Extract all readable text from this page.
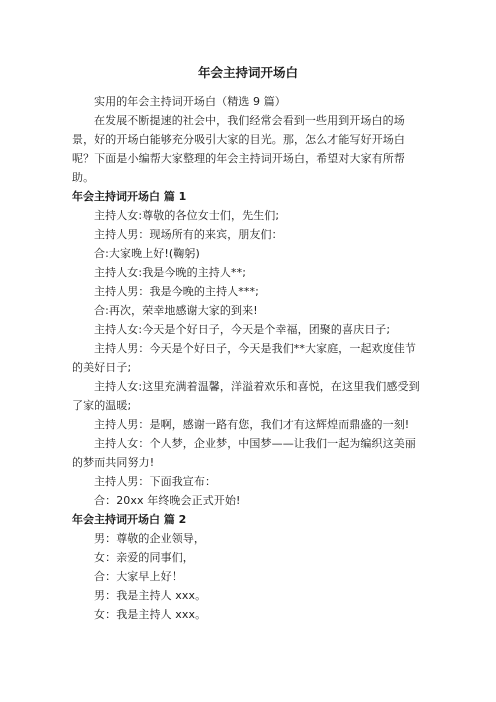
年会主持词开场白

实用的年会主持词开场白（精选 9 篇）

在发展不断提速的社会中，我们经常会看到一些用到开场白的场景，好的开场白能够充分吸引大家的目光。那，怎么才能写好开场白呢？下面是小编帮大家整理的年会主持词开场白，希望对大家有所帮助。

年会主持词开场白 篇 1

主持人女:尊敬的各位女士们，先生们;

主持人男：现场所有的来宾，朋友们：

合:大家晚上好!(鞠躬)

主持人女:我是今晚的主持人**;

主持人男：我是今晚的主持人***;

合:再次，荣幸地感谢大家的到来!

主持人女:今天是个好日子，今天是个幸福，团聚的喜庆日子;

主持人男：今天是个好日子，今天是我们**大家庭，一起欢度佳节的美好日子;

主持人女:这里充满着温馨，洋溢着欢乐和喜悦，在这里我们感受到了家的温暖;

主持人男：是啊，感谢一路有您，我们才有这辉煌而鼎盛的一刻!

主持人女：个人梦，企业梦，中国梦——让我们一起为编织这美丽的梦而共同努力!

主持人男：下面我宣布：

合：20xx 年终晚会正式开始!

年会主持词开场白 篇 2

男：尊敬的企业领导，

女：亲爱的同事们，

合：大家早上好！

男：我是主持人 xxx。

女：我是主持人 xxx。
